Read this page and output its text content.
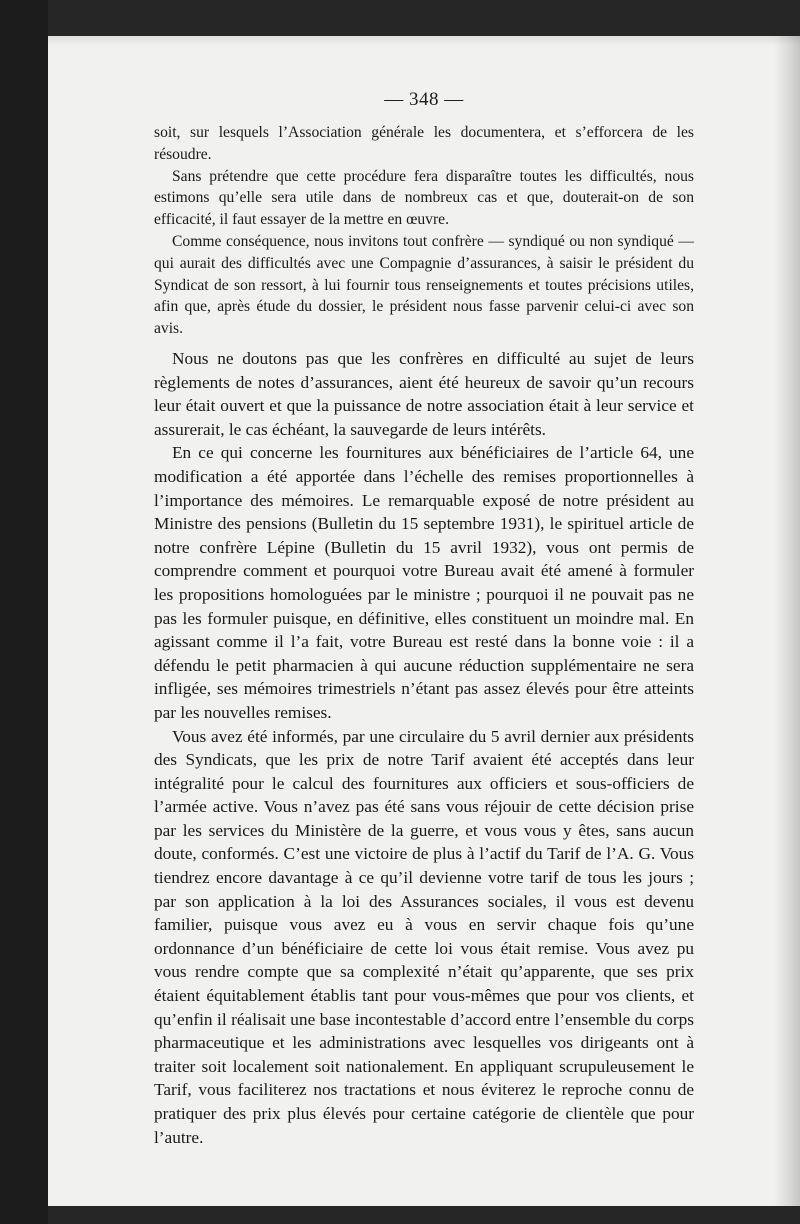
— 348 —

soit, sur lesquels l’Association générale les documentera, et s’efforcera de les résoudre.

Sans prétendre que cette procédure fera disparaître toutes les difficultés, nous estimons qu’elle sera utile dans de nombreux cas et que, douterait-on de son efficacité, il faut essayer de la mettre en œuvre.

Comme conséquence, nous invitons tout confrère — syndiqué ou non syndiqué — qui aurait des difficultés avec une Compagnie d’assurances, à saisir le président du Syndicat de son ressort, à lui fournir tous renseignements et toutes précisions utiles, afin que, après étude du dossier, le président nous fasse parvenir celui-ci avec son avis.

Nous ne doutons pas que les confrères en difficulté au sujet de leurs règlements de notes d’assurances, aient été heureux de savoir qu’un recours leur était ouvert et que la puissance de notre association était à leur service et assurerait, le cas échéant, la sauvegarde de leurs intérêts.

En ce qui concerne les fournitures aux bénéficiaires de l’article 64, une modification a été apportée dans l’échelle des remises proportionnelles à l’importance des mémoires. Le remarquable exposé de notre président au Ministre des pensions (Bulletin du 15 septembre 1931), le spirituel article de notre confrère Lépine (Bulletin du 15 avril 1932), vous ont permis de comprendre comment et pourquoi votre Bureau avait été amené à formuler les propositions homologuées par le ministre ; pourquoi il ne pouvait pas ne pas les formuler puisque, en définitive, elles constituent un moindre mal. En agissant comme il l’a fait, votre Bureau est resté dans la bonne voie : il a défendu le petit pharmacien à qui aucune réduction supplémentaire ne sera infligée, ses mémoires trimestriels n’étant pas assez élevés pour être atteints par les nouvelles remises.

Vous avez été informés, par une circulaire du 5 avril dernier aux présidents des Syndicats, que les prix de notre Tarif avaient été acceptés dans leur intégralité pour le calcul des fournitures aux officiers et sous-officiers de l’armée active. Vous n’avez pas été sans vous réjouir de cette décision prise par les services du Ministère de la guerre, et vous vous y êtes, sans aucun doute, conformés. C’est une victoire de plus à l’actif du Tarif de l’A. G. Vous tiendrez encore davantage à ce qu’il devienne votre tarif de tous les jours ; par son application à la loi des Assurances sociales, il vous est devenu familier, puisque vous avez eu à vous en servir chaque fois qu’une ordonnance d’un bénéficiaire de cette loi vous était remise. Vous avez pu vous rendre compte que sa complexité n’était qu’apparente, que ses prix étaient équitablement établis tant pour vous-mêmes que pour vos clients, et qu’enfin il réalisait une base incontestable d’accord entre l’ensemble du corps pharmaceutique et les administrations avec lesquelles vos dirigeants ont à traiter soit localement soit nationalement. En appliquant scrupuleusement le Tarif, vous faciliterez nos tractations et nous éviterez le reproche connu de pratiquer des prix plus élevés pour certaine catégorie de clientèle que pour l’autre.
